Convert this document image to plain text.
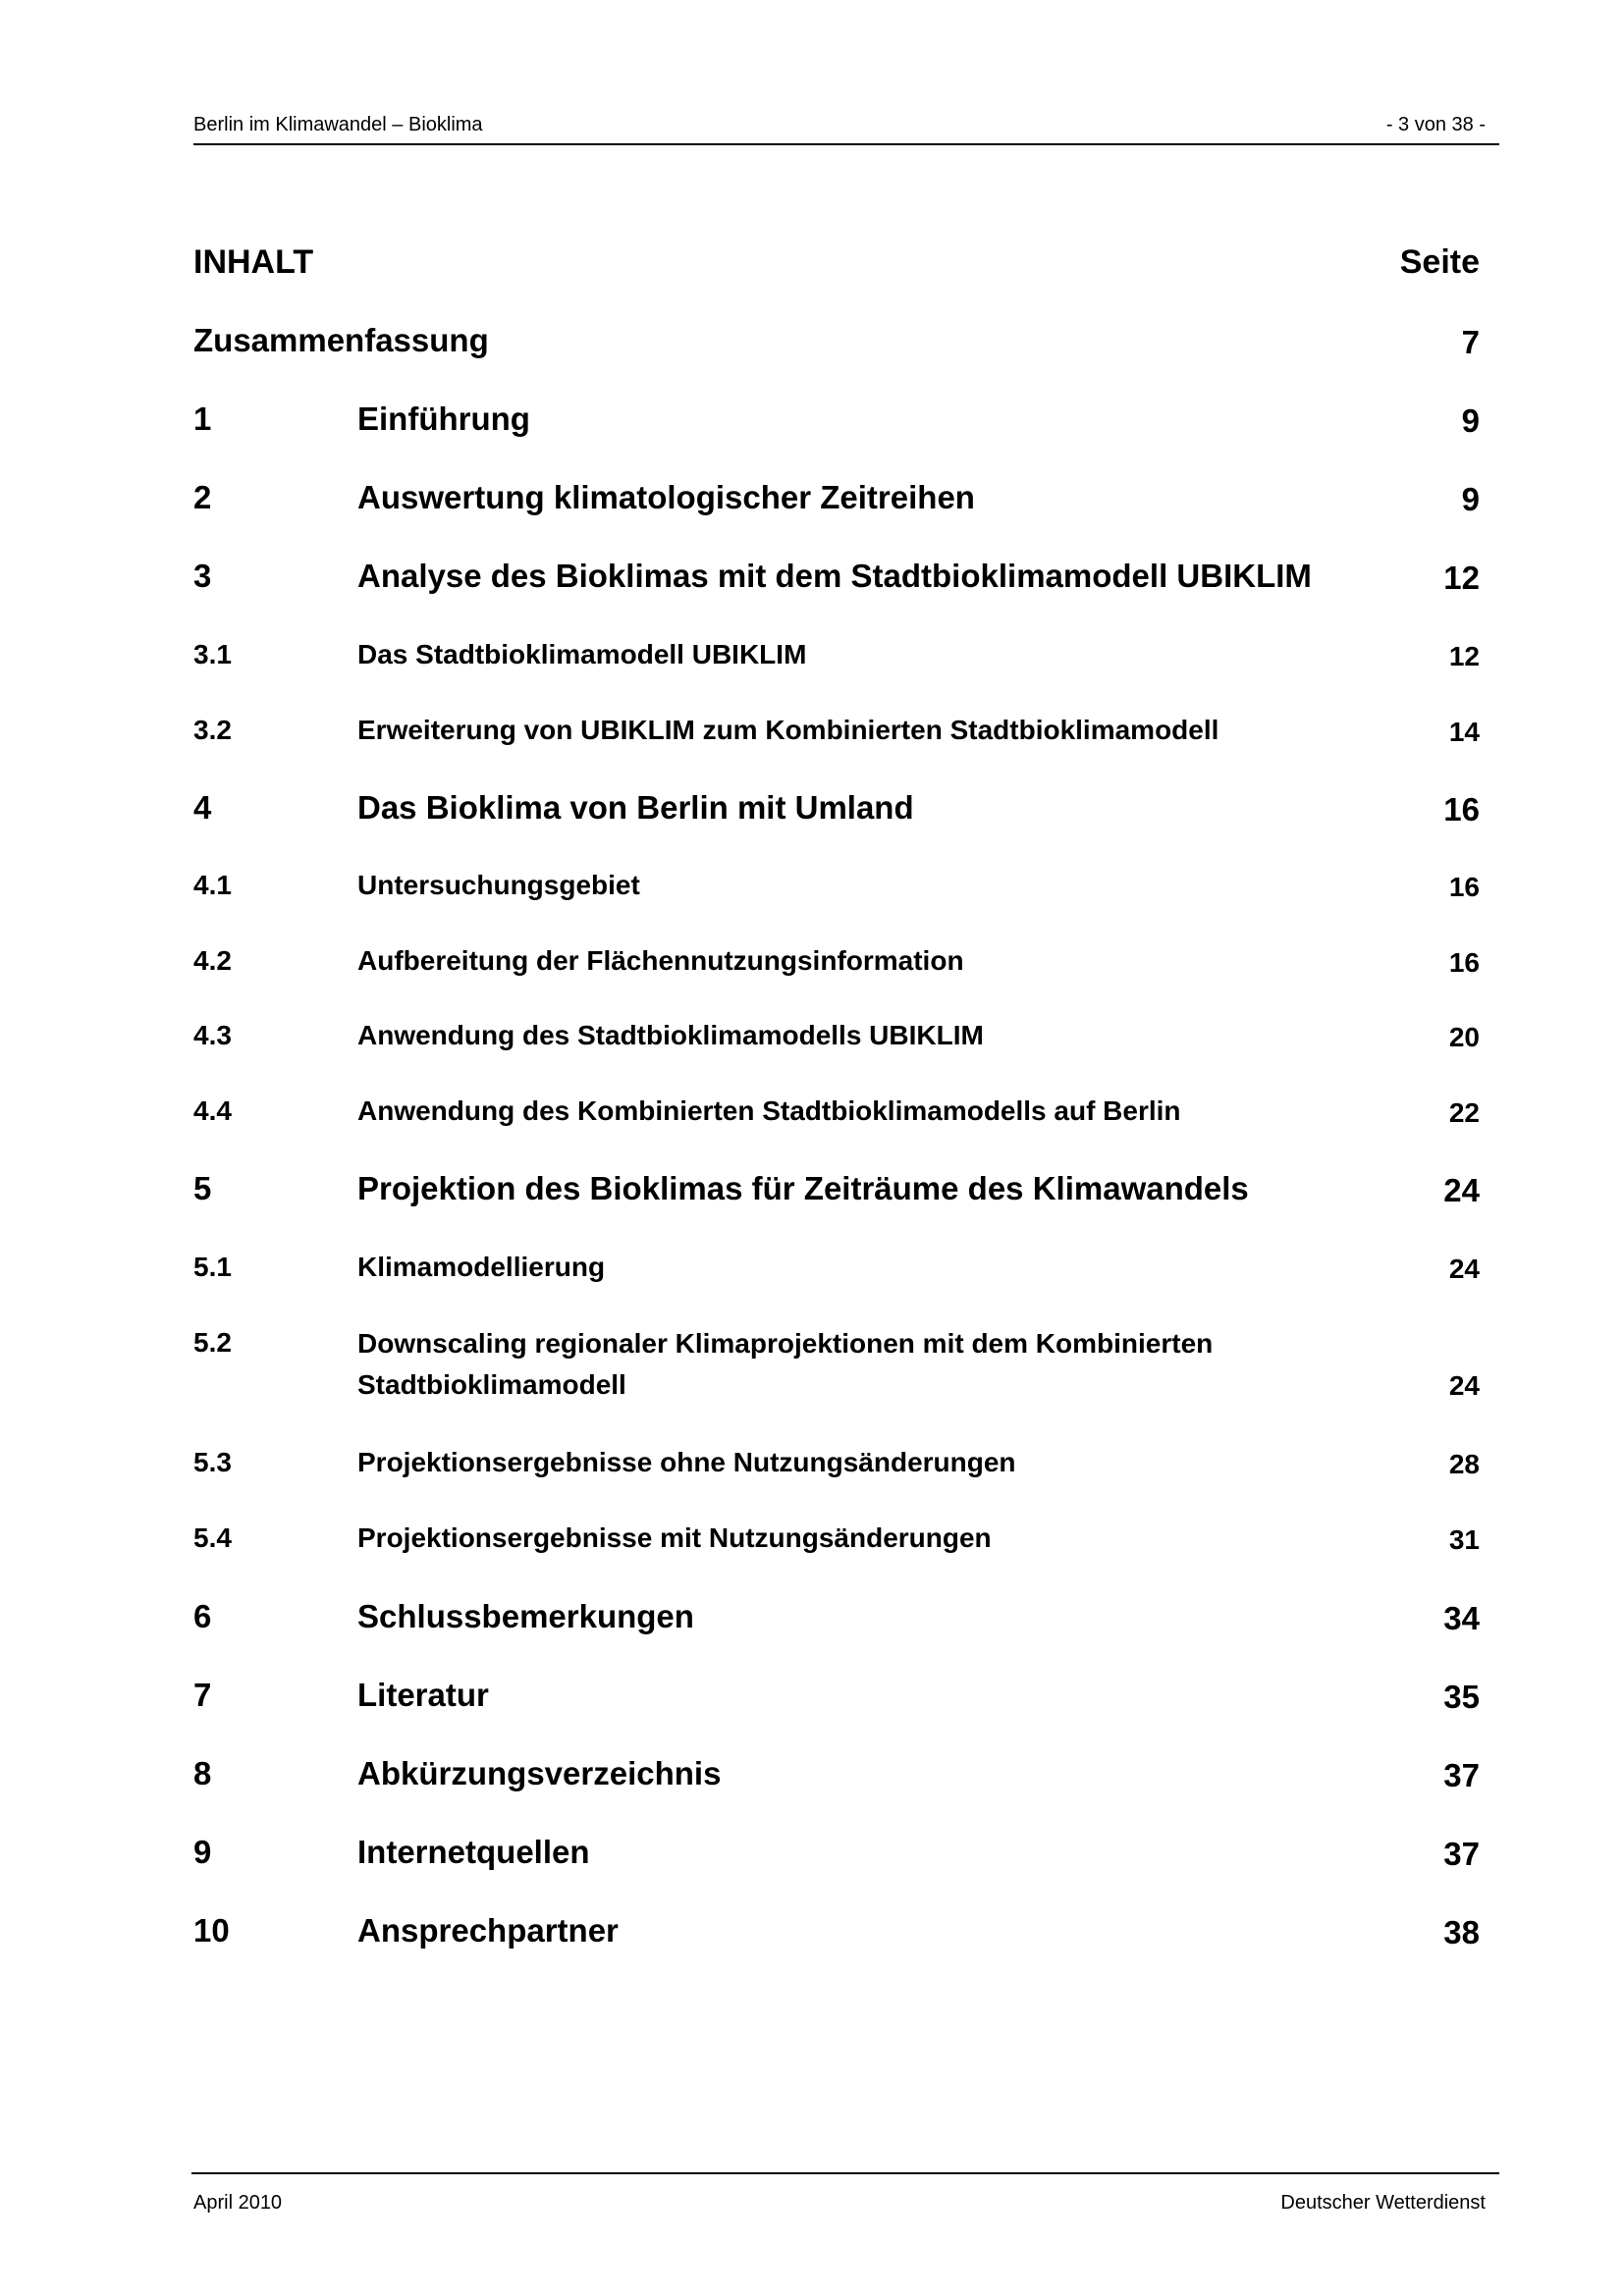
Berlin im Klimawandel – Bioklima	- 3 von 38 -
INHALT	Seite
Zusammenfassung	7
1	Einführung	9
2	Auswertung klimatologischer Zeitreihen	9
3	Analyse des Bioklimas mit dem Stadtbioklimamodell UBIKLIM	12
3.1	Das Stadtbioklimamodell UBIKLIM	12
3.2	Erweiterung von UBIKLIM zum Kombinierten Stadtbioklimamodell	14
4	Das Bioklima von Berlin mit Umland	16
4.1	Untersuchungsgebiet	16
4.2	Aufbereitung der Flächennutzungsinformation	16
4.3	Anwendung des Stadtbioklimamodells UBIKLIM	20
4.4	Anwendung des Kombinierten Stadtbioklimamodells auf Berlin	22
5	Projektion des Bioklimas für Zeiträume des Klimawandels	24
5.1	Klimamodellierung	24
5.2	Downscaling regionaler Klimaprojektionen mit dem Kombinierten Stadtbioklimamodell	24
5.3	Projektionsergebnisse ohne Nutzungsänderungen	28
5.4	Projektionsergebnisse mit Nutzungsänderungen	31
6	Schlussbemerkungen	34
7	Literatur	35
8	Abkürzungsverzeichnis	37
9	Internetquellen	37
10	Ansprechpartner	38
April 2010	Deutscher Wetterdienst
